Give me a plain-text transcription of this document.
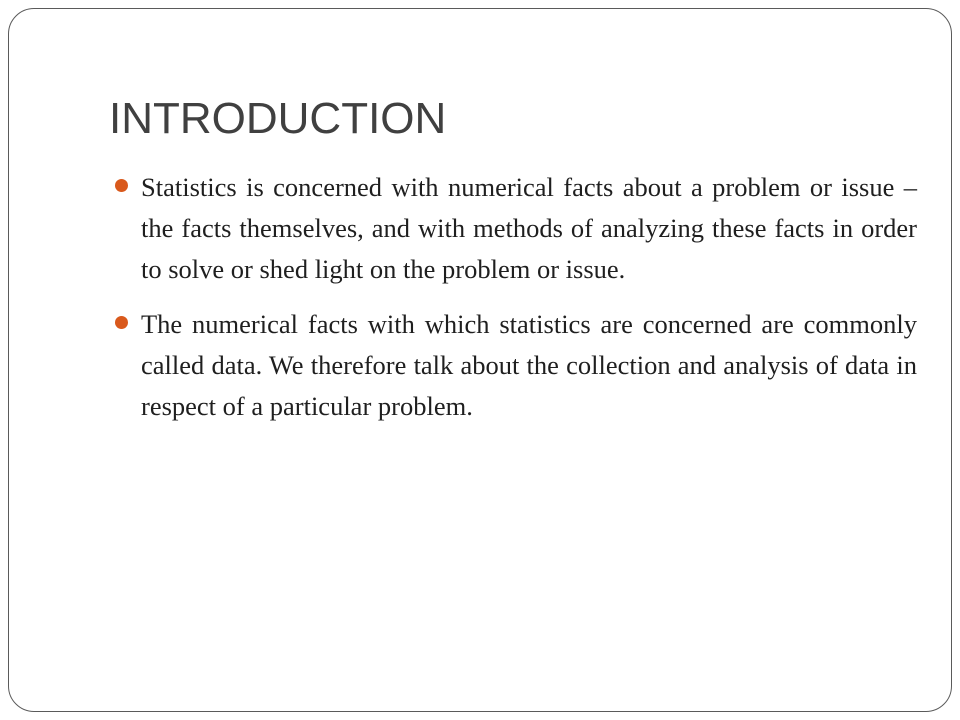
INTRODUCTION
Statistics is concerned with numerical facts about a problem or issue – the facts themselves, and with methods of analyzing these facts in order to solve or shed light on the problem or issue.
The numerical facts with which statistics are concerned are commonly called data. We therefore talk about the collection and analysis of data in respect of a particular problem.
